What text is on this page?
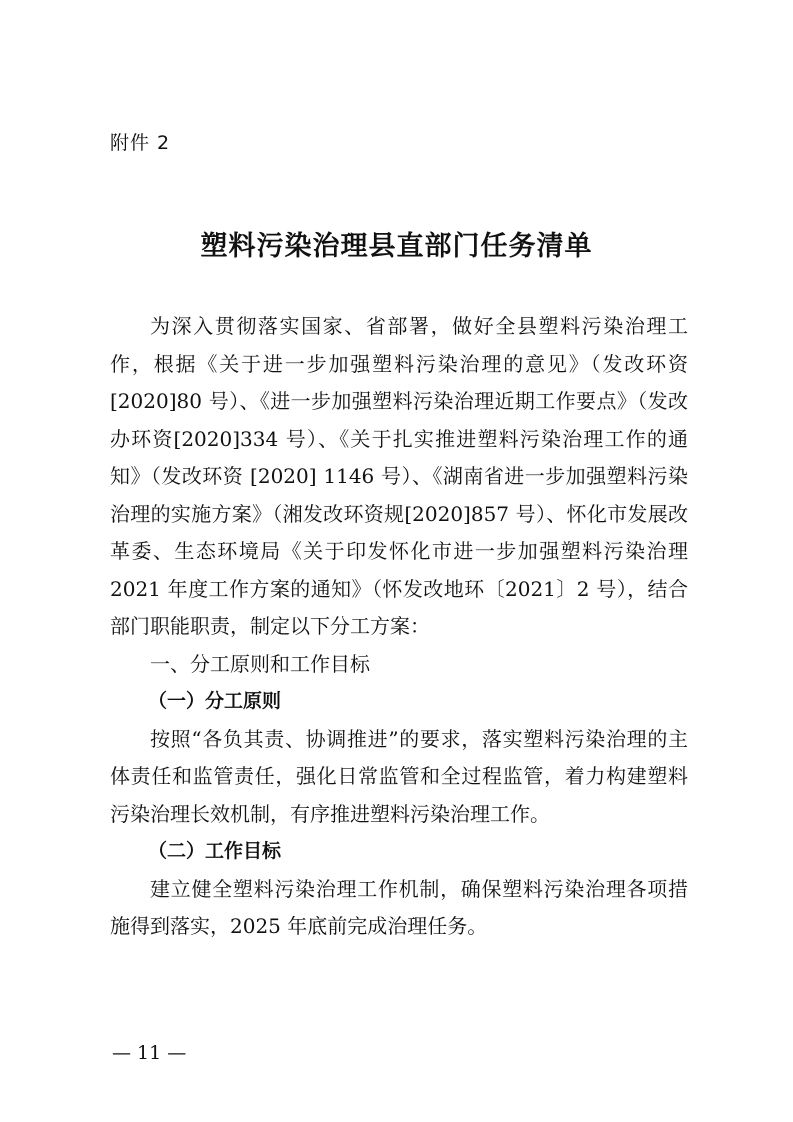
附件 2
塑料污染治理县直部门任务清单

为深入贯彻落实国家、省部署，做好全县塑料污染治理工作，根据《关于进一步加强塑料污染治理的意见》（发改环资[2020]80 号）、《进一步加强塑料污染治理近期工作要点》（发改办环资[2020]334 号）、《关于扎实推进塑料污染治理工作的通知》（发改环资 [2020] 1146 号）、《湖南省进一步加强塑料污染治理的实施方案》（湘发改环资规[2020]857 号）、怀化市发展改革委、生态环境局《关于印发怀化市进一步加强塑料污染治理 2021 年度工作方案的通知》（怀发改地环〔2021〕2 号），结合部门职能职责，制定以下分工方案：

一、分工原则和工作目标

（一）分工原则

按照“各负其责、协调推进”的要求，落实塑料污染治理的主体责任和监管责任，强化日常监管和全过程监管，着力构建塑料污染治理长效机制，有序推进塑料污染治理工作。

（二）工作目标

建立健全塑料污染治理工作机制，确保塑料污染治理各项措施得到落实，2025 年底前完成治理任务。

— 11 —
